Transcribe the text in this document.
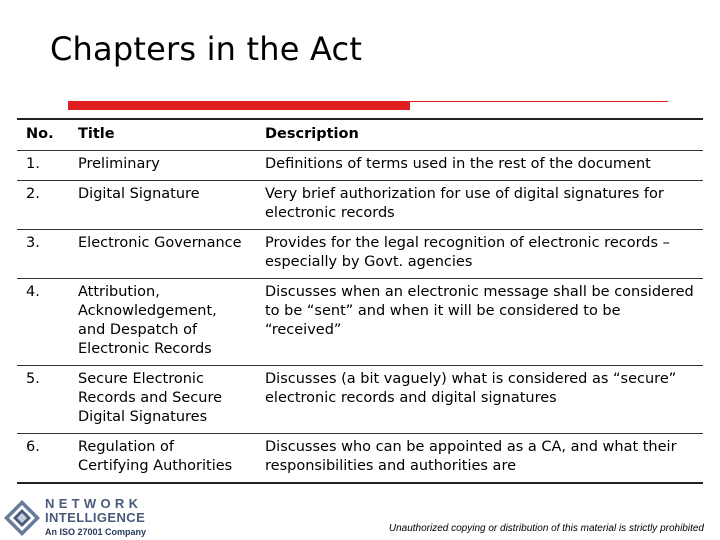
Chapters in the Act
No.	Title	Description
1.	Preliminary	Definitions of terms used in the rest of the document
2.	Digital Signature	Very brief authorization for use of digital signatures for electronic records
3.	Electronic Governance	Provides for the legal recognition of electronic records – especially by Govt. agencies
4.	Attribution, Acknowledgement, and Despatch of Electronic Records	Discusses when an electronic message shall be considered to be “sent” and when it will be considered to be “received”
5.	Secure Electronic Records and Secure Digital Signatures	Discusses (a bit vaguely) what is considered as “secure” electronic records and digital signatures
6.	Regulation of Certifying Authorities	Discusses who can be appointed as a CA, and what their responsibilities and authorities are
NETWORK
INTELLIGENCE
An ISO 27001 Company	Unauthorized copying or distribution of this material is strictly prohibited
